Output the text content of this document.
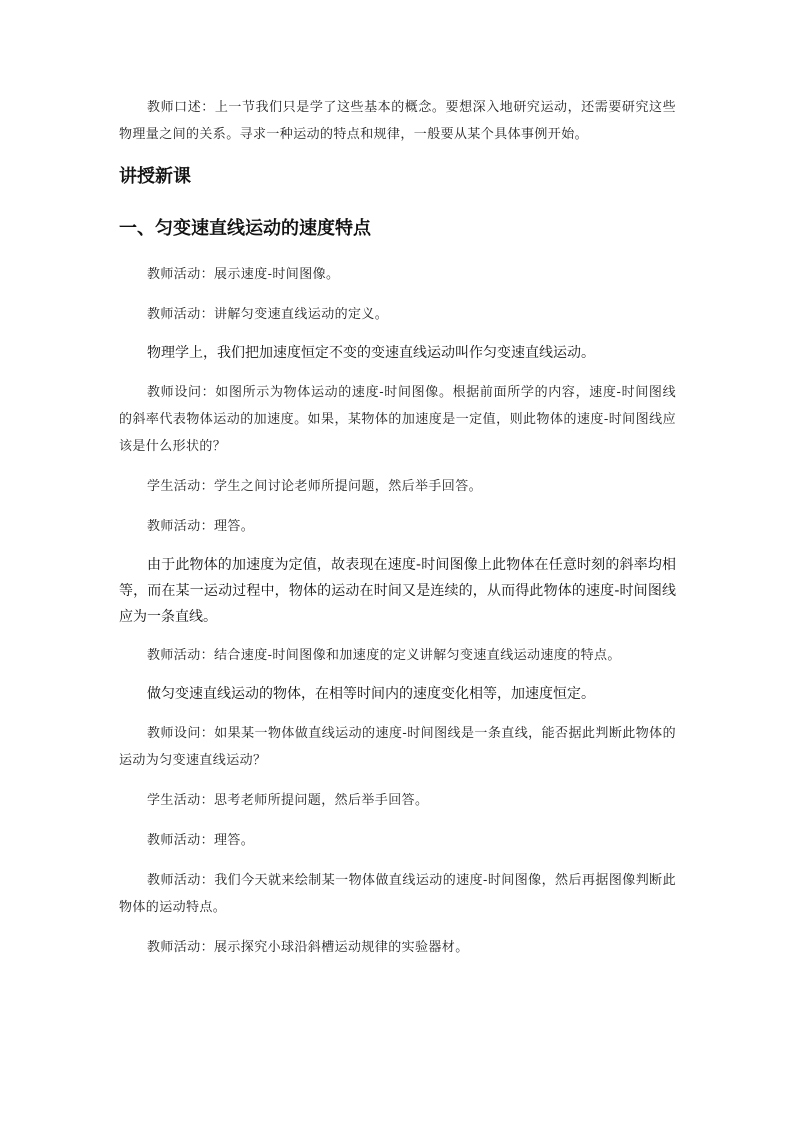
教师口述：上一节我们只是学了这些基本的概念。要想深入地研究运动，还需要研究这些物理量之间的关系。寻求一种运动的特点和规律，一般要从某个具体事例开始。

讲授新课
一、匀变速直线运动的速度特点

教师活动：展示速度-时间图像。

教师活动：讲解匀变速直线运动的定义。

物理学上，我们把加速度恒定不变的变速直线运动叫作匀变速直线运动。

教师设问：如图所示为物体运动的速度-时间图像。根据前面所学的内容，速度-时间图线的斜率代表物体运动的加速度。如果，某物体的加速度是一定值，则此物体的速度-时间图线应该是什么形状的？

学生活动：学生之间讨论老师所提问题，然后举手回答。

教师活动：理答。

由于此物体的加速度为定值，故表现在速度-时间图像上此物体在任意时刻的斜率均相等，而在某一运动过程中，物体的运动在时间又是连续的，从而得此物体的速度-时间图线应为一条直线。

教师活动：结合速度-时间图像和加速度的定义讲解匀变速直线运动速度的特点。

做匀变速直线运动的物体，在相等时间内的速度变化相等，加速度恒定。

教师设问：如果某一物体做直线运动的速度-时间图线是一条直线，能否据此判断此物体的运动为匀变速直线运动？

学生活动：思考老师所提问题，然后举手回答。

教师活动：理答。

教师活动：我们今天就来绘制某一物体做直线运动的速度-时间图像，然后再据图像判断此物体的运动特点。

教师活动：展示探究小球沿斜槽运动规律的实验器材。
